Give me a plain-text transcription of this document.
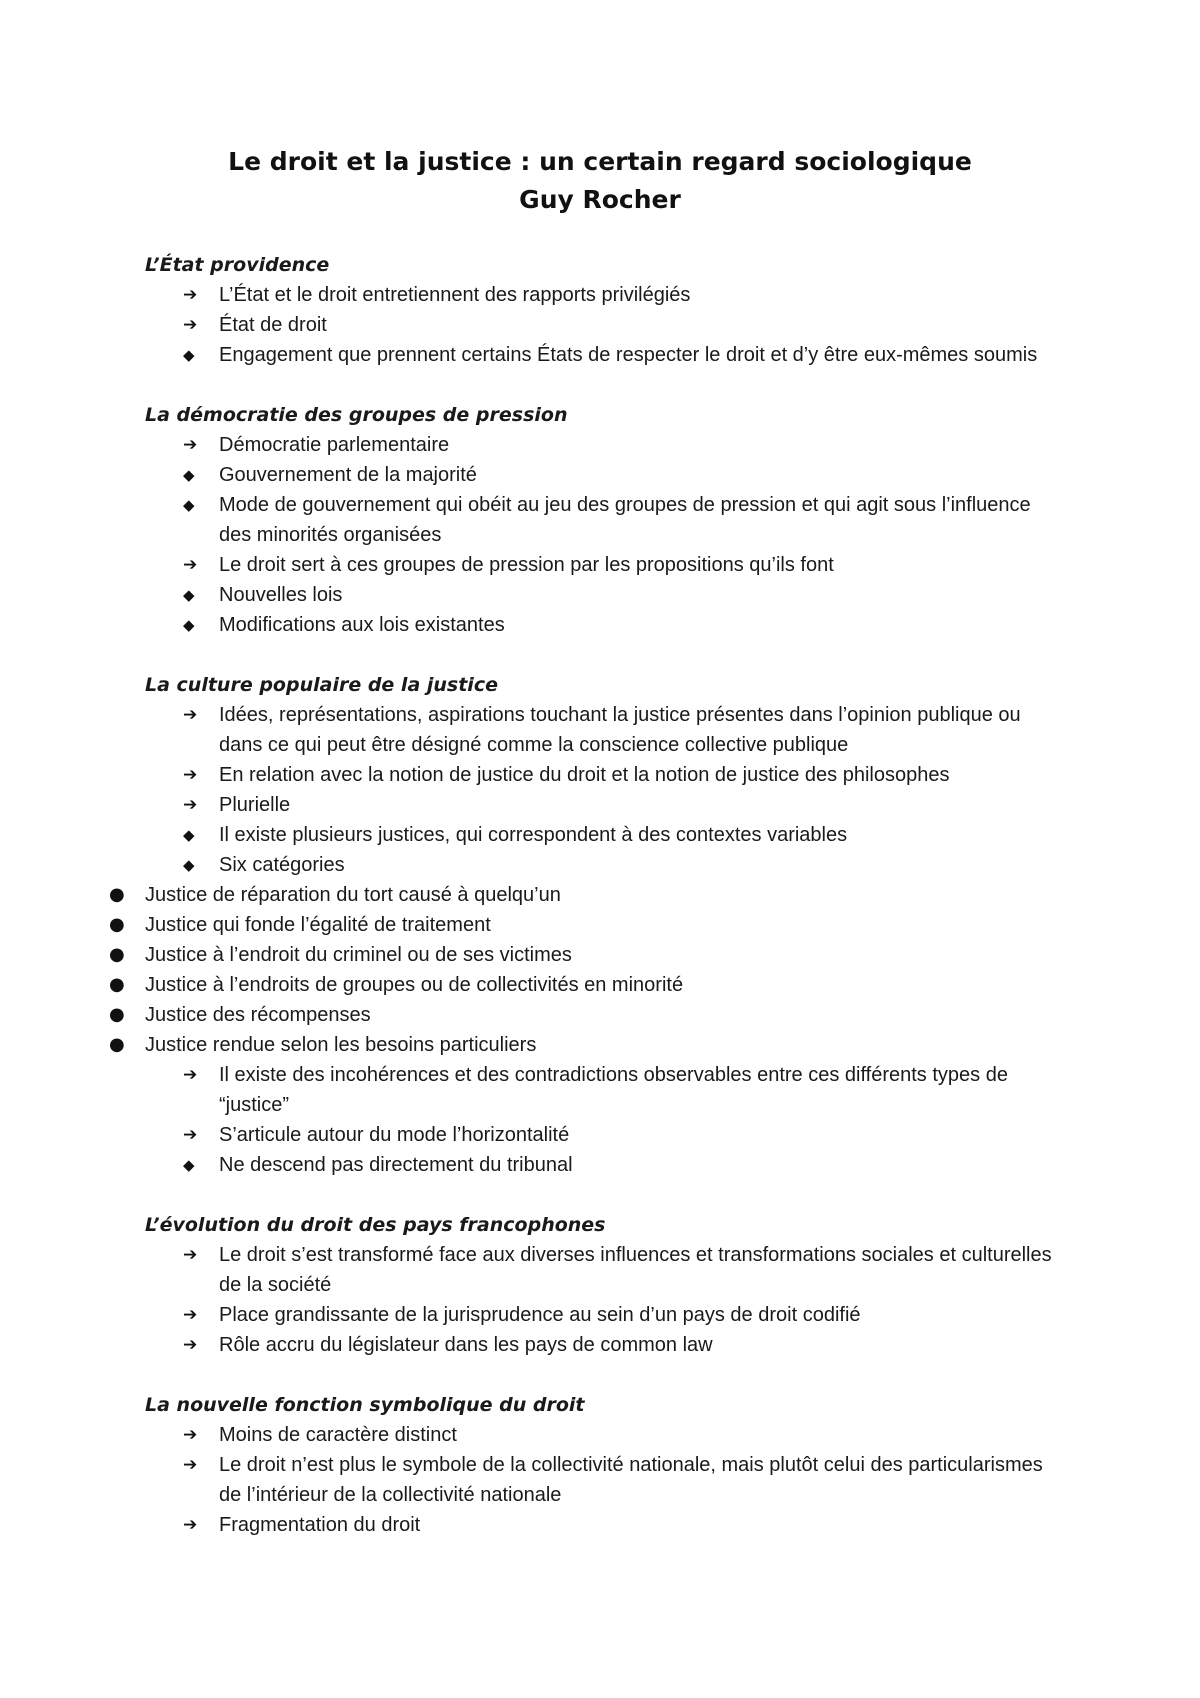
Le droit et la justice : un certain regard sociologique
Guy Rocher
L’État providence
➔ L’État et le droit entretiennent des rapports privilégiés
➔ État de droit
◆ Engagement que prennent certains États de respecter le droit et d’y être eux-mêmes soumis
La démocratie des groupes de pression
➔ Démocratie parlementaire
◆ Gouvernement de la majorité
◆ Mode de gouvernement qui obéit au jeu des groupes de pression et qui agit sous l’influence des minorités organisées
➔ Le droit sert à ces groupes de pression par les propositions qu’ils font
◆ Nouvelles lois
◆ Modifications aux lois existantes
La culture populaire de la justice
➔ Idées, représentations, aspirations touchant la justice présentes dans l’opinion publique ou dans ce qui peut être désigné comme la conscience collective publique
➔ En relation avec la notion de justice du droit et la notion de justice des philosophes
➔ Plurielle
◆ Il existe plusieurs justices, qui correspondent à des contextes variables
◆ Six catégories
● Justice de réparation du tort causé à quelqu’un
● Justice qui fonde l’égalité de traitement
● Justice à l’endroit du criminel ou de ses victimes
● Justice à l’endroits de groupes ou de collectivités en minorité
● Justice des récompenses
● Justice rendue selon les besoins particuliers
➔ Il existe des incohérences et des contradictions observables entre ces différents types de “justice”
➔ S’articule autour du mode l’horizontalité
◆ Ne descend pas directement du tribunal
L’évolution du droit des pays francophones
➔ Le droit s’est transformé face aux diverses influences et transformations sociales et culturelles de la société
➔ Place grandissante de la jurisprudence au sein d’un pays de droit codifié
➔ Rôle accru du législateur dans les pays de common law
La nouvelle fonction symbolique du droit
➔ Moins de caractère distinct
➔ Le droit n’est plus le symbole de la collectivité nationale, mais plutôt celui des particularismes de l’intérieur de la collectivité nationale
➔ Fragmentation du droit
